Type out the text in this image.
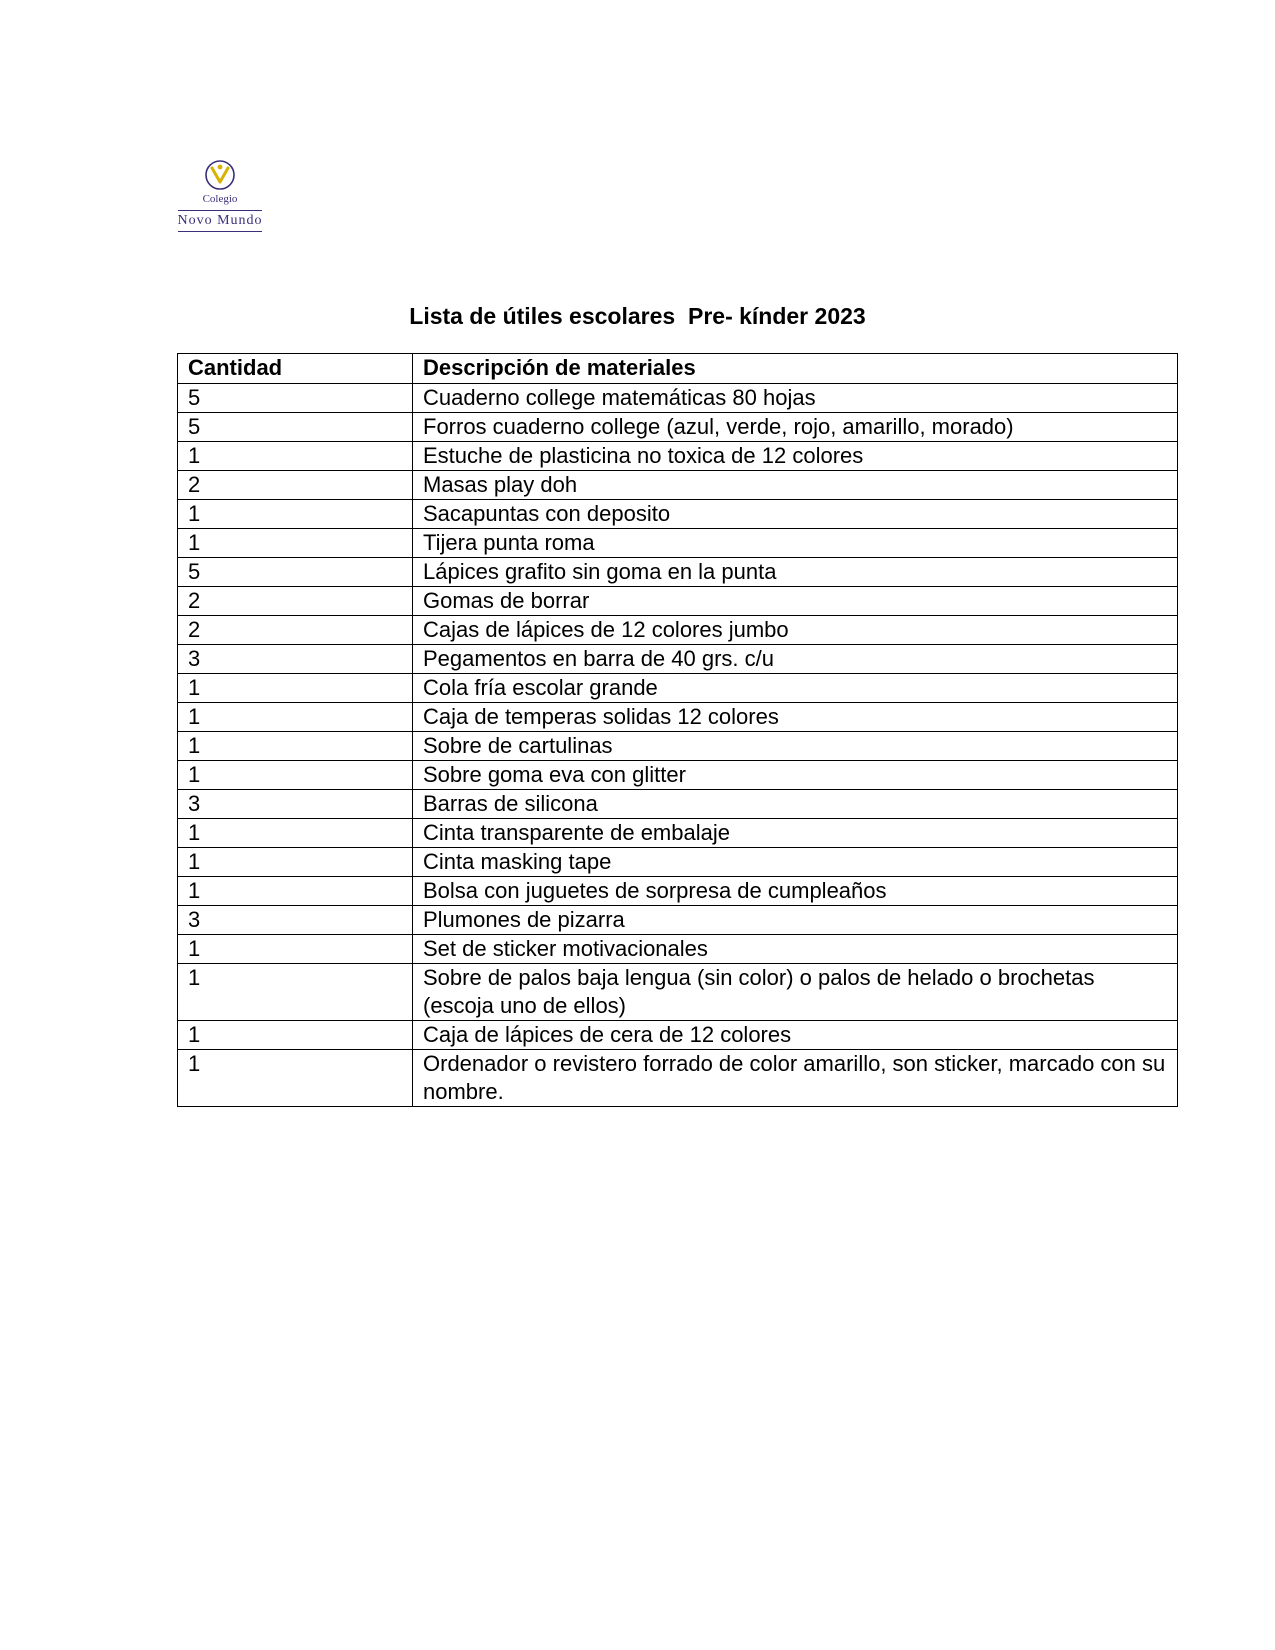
Colegio
Novo Mundo
Lista de útiles escolares  Pre- kínder 2023
Cantidad	Descripción de materiales
5	Cuaderno college matemáticas 80 hojas
5	Forros cuaderno college (azul, verde, rojo, amarillo, morado)
1	Estuche de plasticina no toxica de 12 colores
2	Masas play doh
1	Sacapuntas con deposito
1	Tijera punta roma
5	Lápices grafito sin goma en la punta
2	Gomas de borrar
2	Cajas de lápices de 12 colores jumbo
3	Pegamentos en barra de 40 grs. c/u
1	Cola fría escolar grande
1	Caja de temperas solidas 12 colores
1	Sobre de cartulinas
1	Sobre goma eva con glitter
3	Barras de silicona
1	Cinta transparente de embalaje
1	Cinta masking tape
1	Bolsa con juguetes de sorpresa de cumpleaños
3	Plumones de pizarra
1	Set de sticker motivacionales
1	Sobre de palos baja lengua (sin color) o palos de helado o brochetas (escoja uno de ellos)
1	Caja de lápices de cera de 12 colores
1	Ordenador o revistero forrado de color amarillo, son sticker, marcado con su nombre.
